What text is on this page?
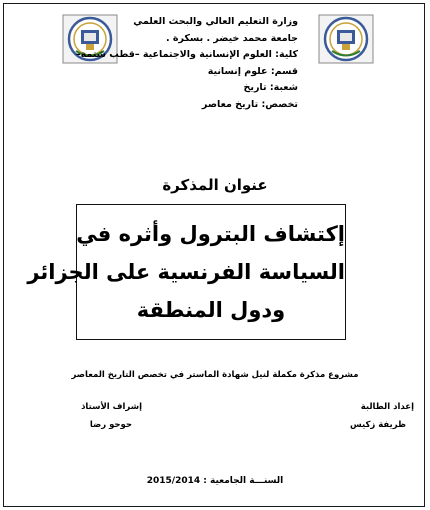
وزارة التعليم العالي والبحث العلمي
جامعة محمد خيضر . بسكرة .
كلية: العلوم الإنسانية والاجتماعية –قطب شتمة–
قسم: علوم إنسانية
شعبة: تاريخ
تخصص: تاريخ معاصر
عنوان المذكرة
إكتشاف البترول وأثره في
السياسة الفرنسية على الجزائر
ودول المنطقة
مشروع مذكرة مكملة لنيل شهادة الماستر في تخصص التاريخ المعاصر
إعداد الطالبة
ظريفة زكيس
إشراف الأستاذ
حوحو رضا
السنـــة الجامعية : 2015/2014
